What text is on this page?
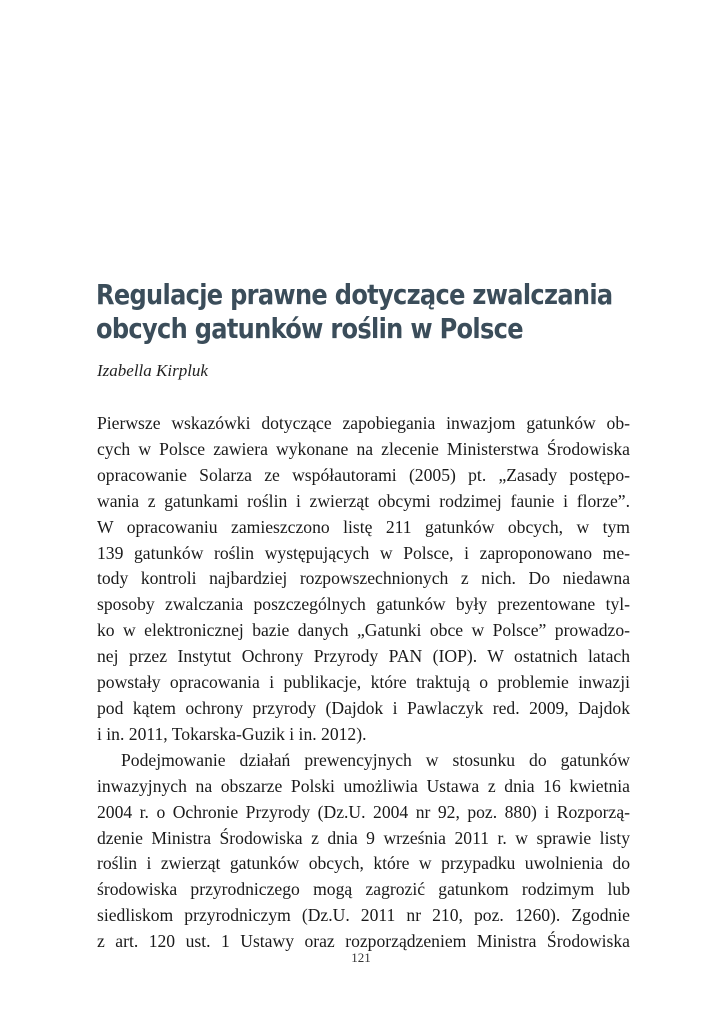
Regulacje prawne dotyczące zwalczania
obcych gatunków roślin w Polsce

Izabella Kirpluk

Pierwsze wskazówki dotyczące zapobiegania inwazjom gatunków ob-
cych w Polsce zawiera wykonane na zlecenie Ministerstwa Środowiska
opracowanie Solarza ze współautorami (2005) pt. „Zasady postępo-
wania z gatunkami roślin i zwierząt obcymi rodzimej faunie i florze”.
W opracowaniu zamieszczono listę 211 gatunków obcych, w tym
139 gatunków roślin występujących w Polsce, i zaproponowano me-
tody kontroli najbardziej rozpowszechnionych z nich. Do niedawna
sposoby zwalczania poszczególnych gatunków były prezentowane tyl-
ko w elektronicznej bazie danych „Gatunki obce w Polsce” prowadzo-
nej przez Instytut Ochrony Przyrody PAN (IOP). W ostatnich latach
powstały opracowania i publikacje, które traktują o problemie inwazji
pod kątem ochrony przyrody (Dajdok i Pawlaczyk red. 2009, Dajdok
i in. 2011, Tokarska-Guzik i in. 2012).
Podejmowanie działań prewencyjnych w stosunku do gatunków
inwazyjnych na obszarze Polski umożliwia Ustawa z dnia 16 kwietnia
2004 r. o Ochronie Przyrody (Dz.U. 2004 nr 92, poz. 880) i Rozporzą-
dzenie Ministra Środowiska z dnia 9 września 2011 r. w sprawie listy
roślin i zwierząt gatunków obcych, które w przypadku uwolnienia do
środowiska przyrodniczego mogą zagrozić gatunkom rodzimym lub
siedliskom przyrodniczym (Dz.U. 2011 nr 210, poz. 1260). Zgodnie
z art. 120 ust. 1 Ustawy oraz rozporządzeniem Ministra Środowiska
121
